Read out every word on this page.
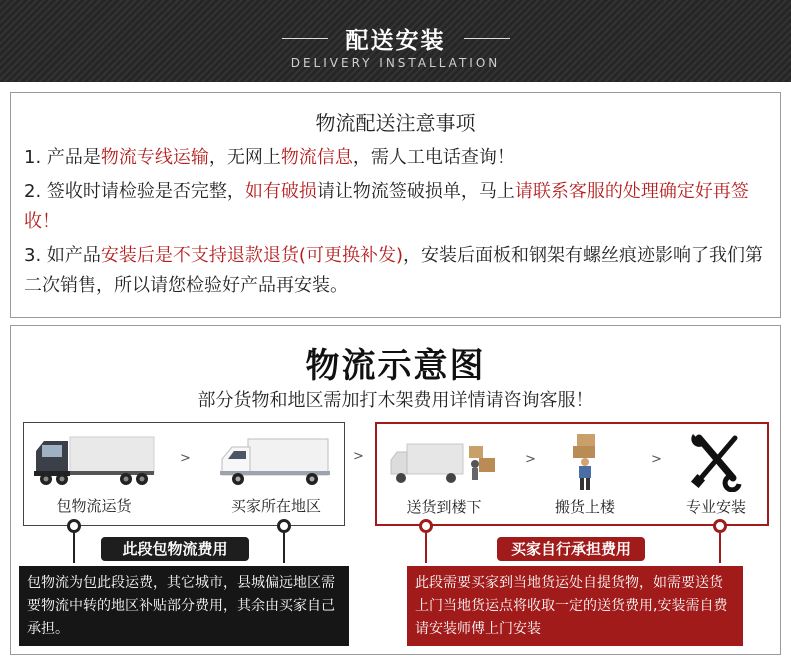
配送安装
DELIVERY INSTALLATION
物流配送注意事项
1. 产品是物流专线运输，无网上物流信息，需人工电话查询！
2. 签收时请检验是否完整，如有破损请让物流签破损单，马上请联系客服的处理确定好再签收！
3. 如产品安装后是不支持退款退货(可更换补发)，安装后面板和钢架有螺丝痕迹影响了我们第二次销售，所以请您检验好产品再安装。
物流示意图
部分货物和地区需加打木架费用详情请咨询客服！
包物流运货
>
买家所在地区
>
送货到楼下
>
搬货上楼
>
专业安装
此段包物流费用
包物流为包此段运费，其它城市，县城偏远地区需要物流中转的地区补贴部分费用，其余由买家自己承担。
买家自行承担费用
此段需要买家到当地货运处自提货物，如需要送货上门当地货运点将收取一定的送货费用,安装需自费请安装师傅上门安装
